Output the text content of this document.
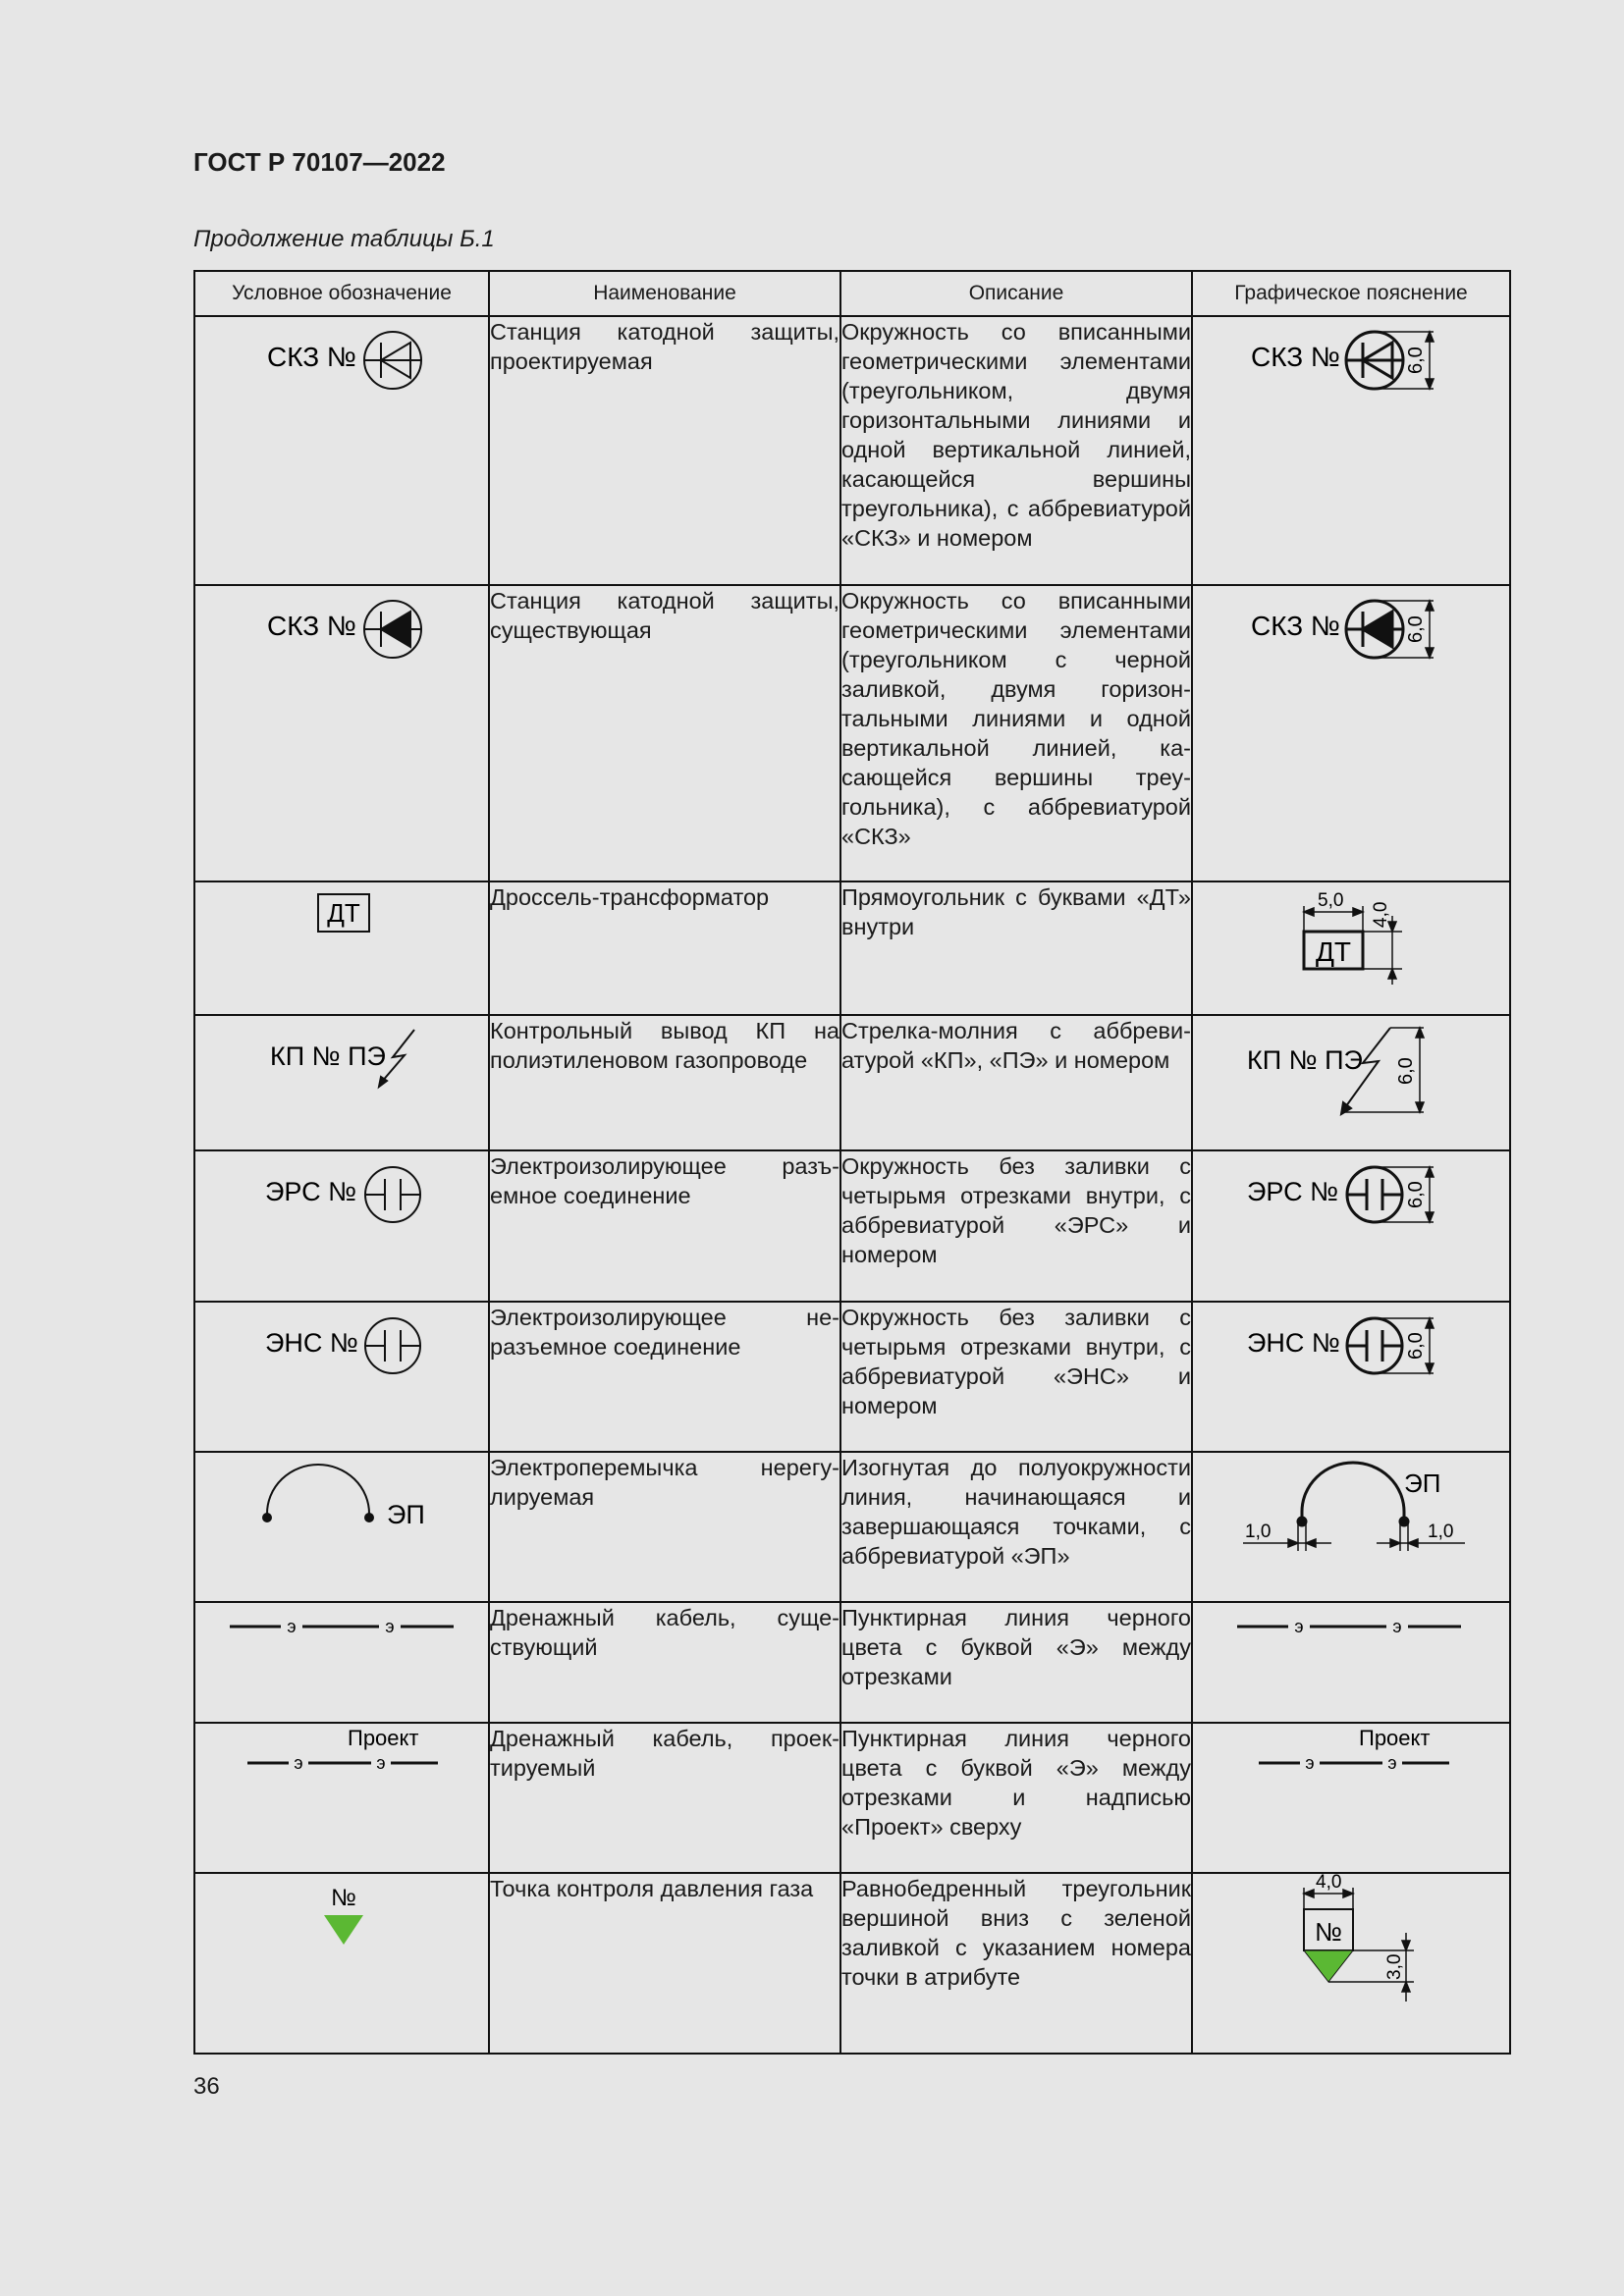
ГОСТ Р 70107—2022
Продолжение таблицы Б.1
Условное обозначение	Наименование	Описание	Графическое пояснение

СКЗ №	Станция катодной защиты, проектируемая	Окружность со вписанными геометрическими элементами (треугольником, двумя горизонтальными линиями и одной вертикальной линией, касающейся вершины треугольника), с аббревиатурой «СКЗ» и номером	СКЗ № 6,0

СКЗ №	Станция катодной защиты, существующая	Окружность со вписанными геометрическими элементами (треугольником с черной заливкой, двумя горизонтальными линиями и одной вертикальной линией, касающейся вершины треугольника), с аббревиатурой «СКЗ»	СКЗ № 6,0

ДТ	Дроссель-трансформатор	Прямоугольник с буквами «ДТ» внутри	ДТ
5,0
4,0

КП № ПЭ	Контрольный вывод КП на полиэтиленовом газопроводе	Стрелка-молния с аббревиатурой «КП», «ПЭ» и номером	КП № ПЭ 6,0

ЭРС №	Электроизолирующее разъемное соединение	Окружность без заливки с четырьмя отрезками внутри, с аббревиатурой «ЭРС» и номером	ЭРС № 6,0

ЭНС №	Электроизолирующее неразъемное соединение	Окружность без заливки с четырьмя отрезками внутри, с аббревиатурой «ЭНС» и номером	ЭНС № 6,0

ЭП	Электроперемычка нерегулируемая	Изогнутая до полуокружности линия, начинающаяся и завершающаяся точками, с аббревиатурой «ЭП»	ЭП
1,0 1,0

э э	Дренажный кабель, существующий	Пунктирная линия черного цвета с буквой «Э» между отрезками	э э

Проект
э э	Дренажный кабель, проектируемый	Пунктирная линия черного цвета с буквой «Э» между отрезками и надписью «Проект» сверху	Проект
э э

№	Точка контроля давления газа	Равнобедренный треугольник вершиной вниз с зеленой заливкой с указанием номера точки в атрибуте	№
4,0
3,0
36
